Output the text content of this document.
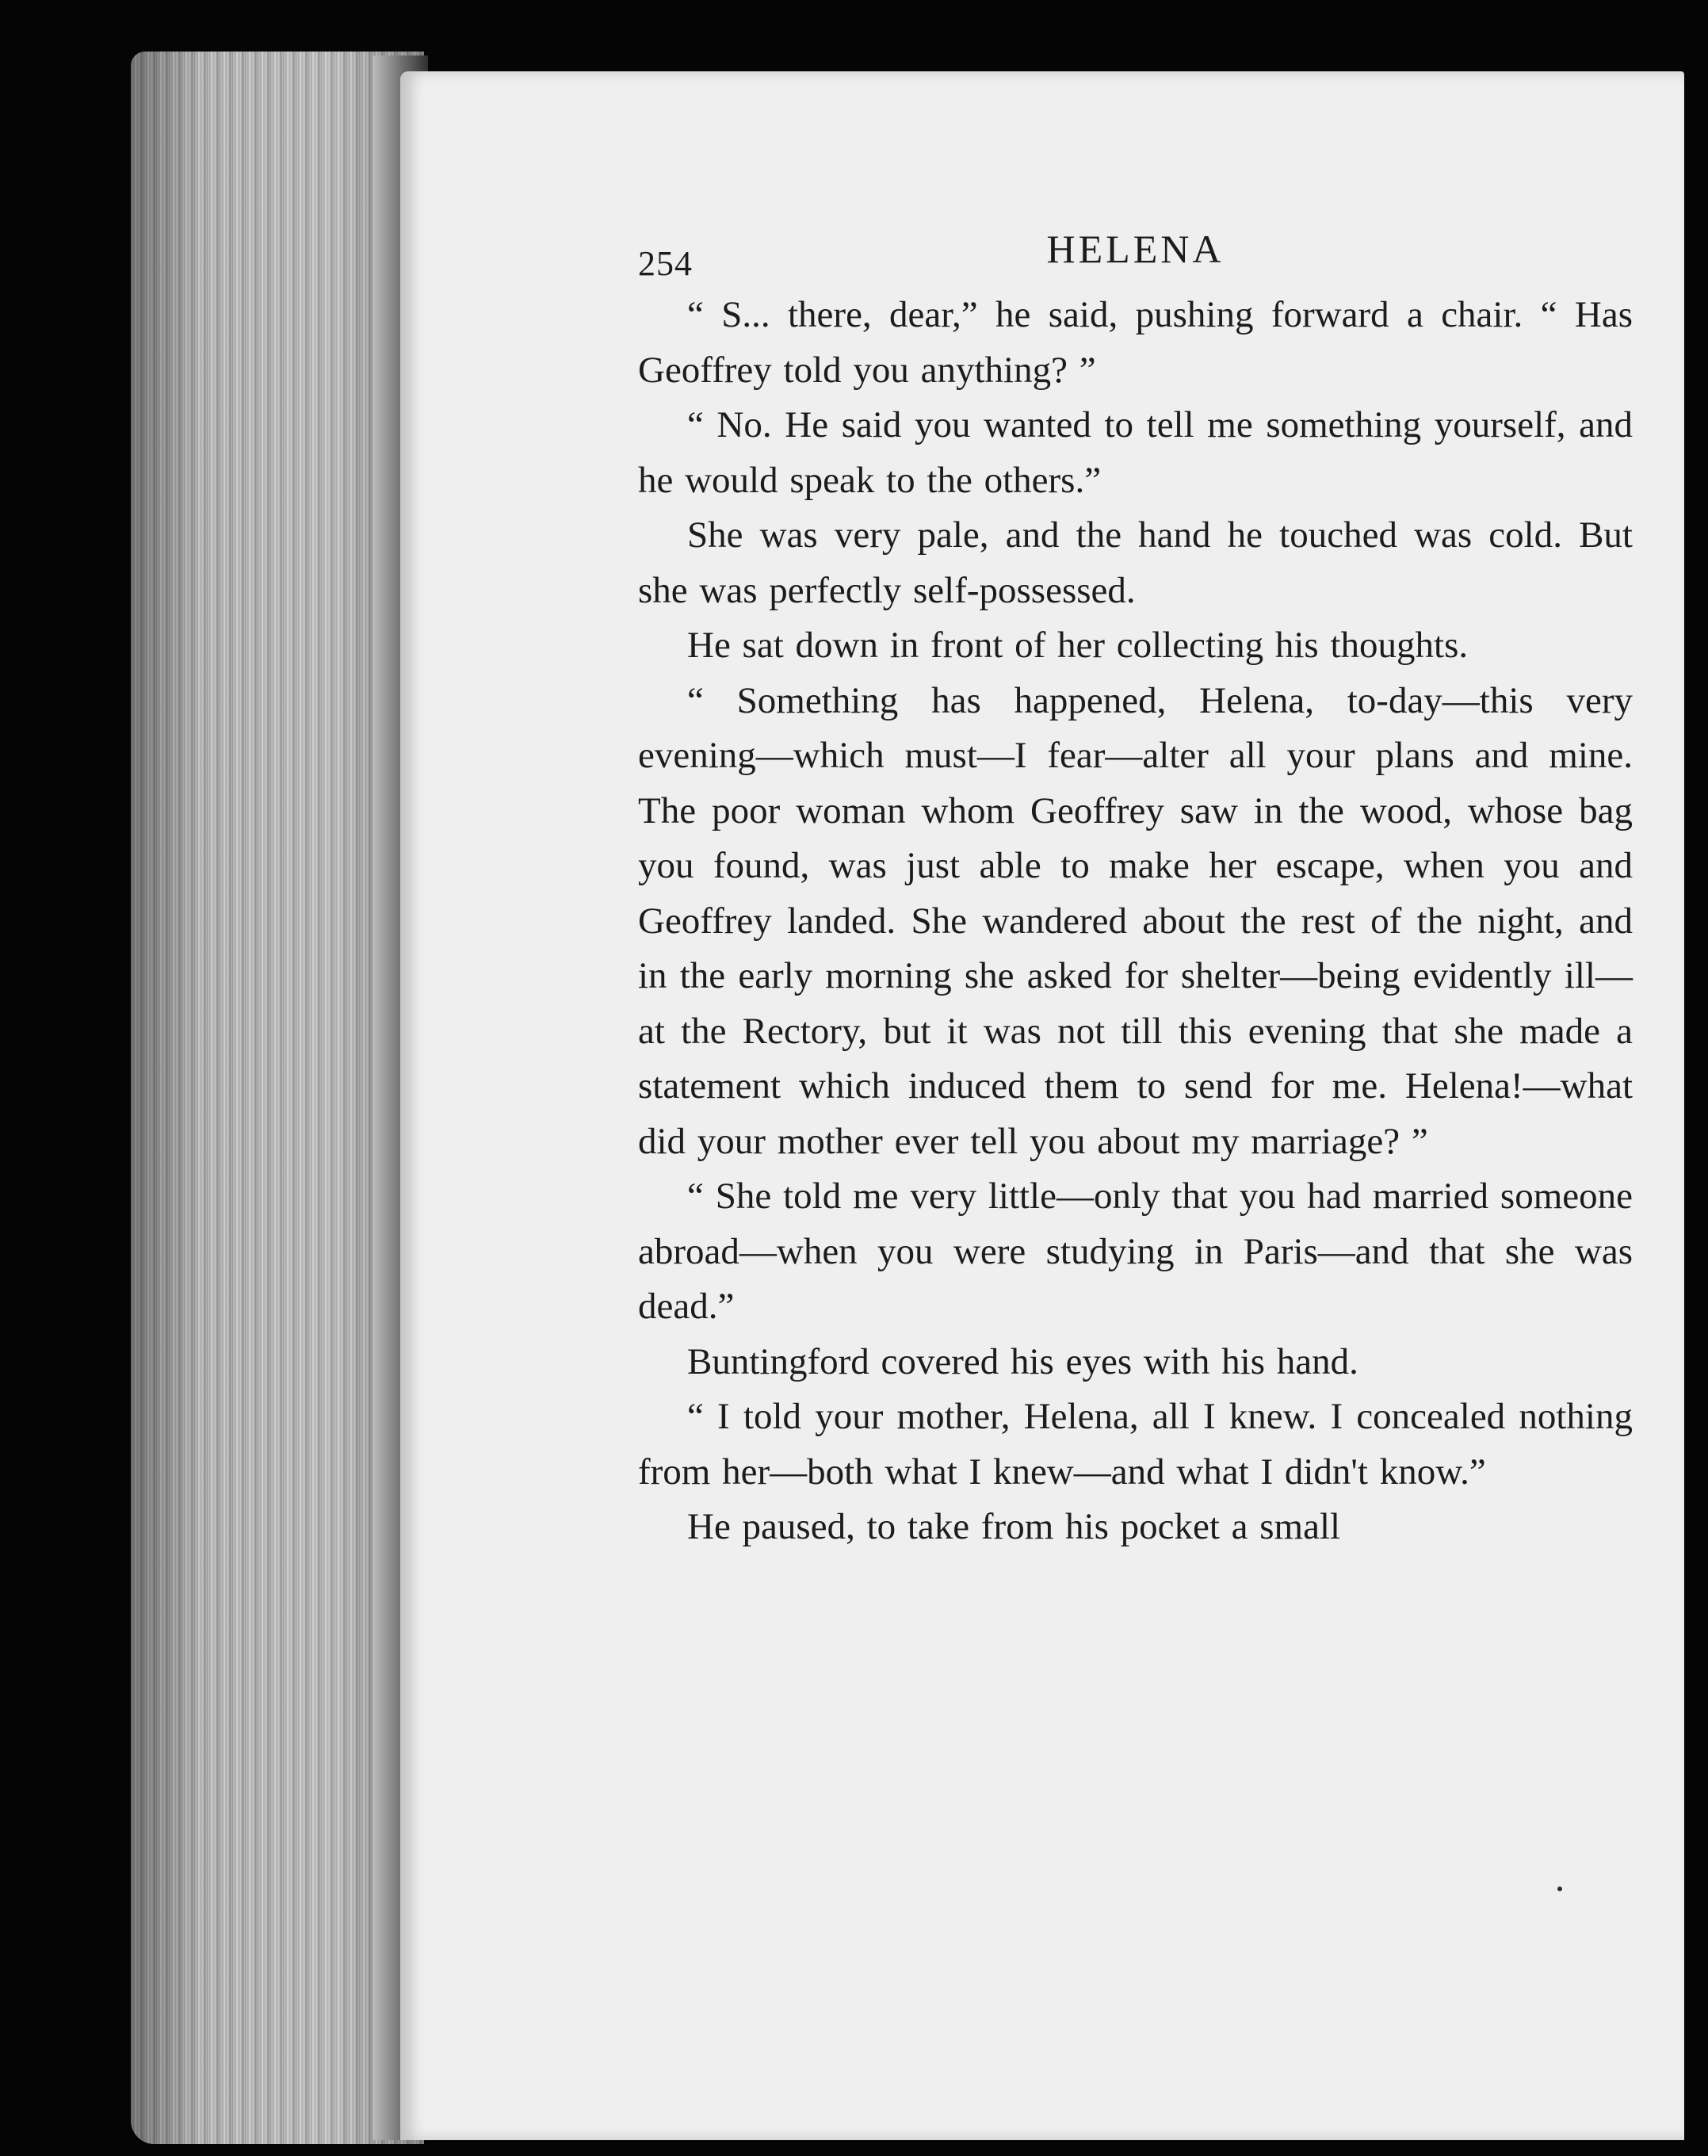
254	HELENA

“ S... there, dear,” he said, pushing forward a chair. “ Has Geoffrey told you anything? ”

“ No. He said you wanted to tell me something yourself, and he would speak to the others.”

She was very pale, and the hand he touched was cold. But she was perfectly self-possessed.

He sat down in front of her collecting his thoughts.

“ Something has happened, Helena, to-day—this very evening—which must—I fear—alter all your plans and mine. The poor woman whom Geoffrey saw in the wood, whose bag you found, was just able to make her escape, when you and Geoffrey landed. She wandered about the rest of the night, and in the early morning she asked for shelter—being evidently ill—at the Rectory, but it was not till this evening that she made a statement which induced them to send for me. Helena!—what did your mother ever tell you about my marriage? ”

“ She told me very little—only that you had married someone abroad—when you were studying in Paris—and that she was dead.”

Buntingford covered his eyes with his hand.

“ I told your mother, Helena, all I knew. I concealed nothing from her—both what I knew—and what I didn't know.”

He paused, to take from his pocket a small
